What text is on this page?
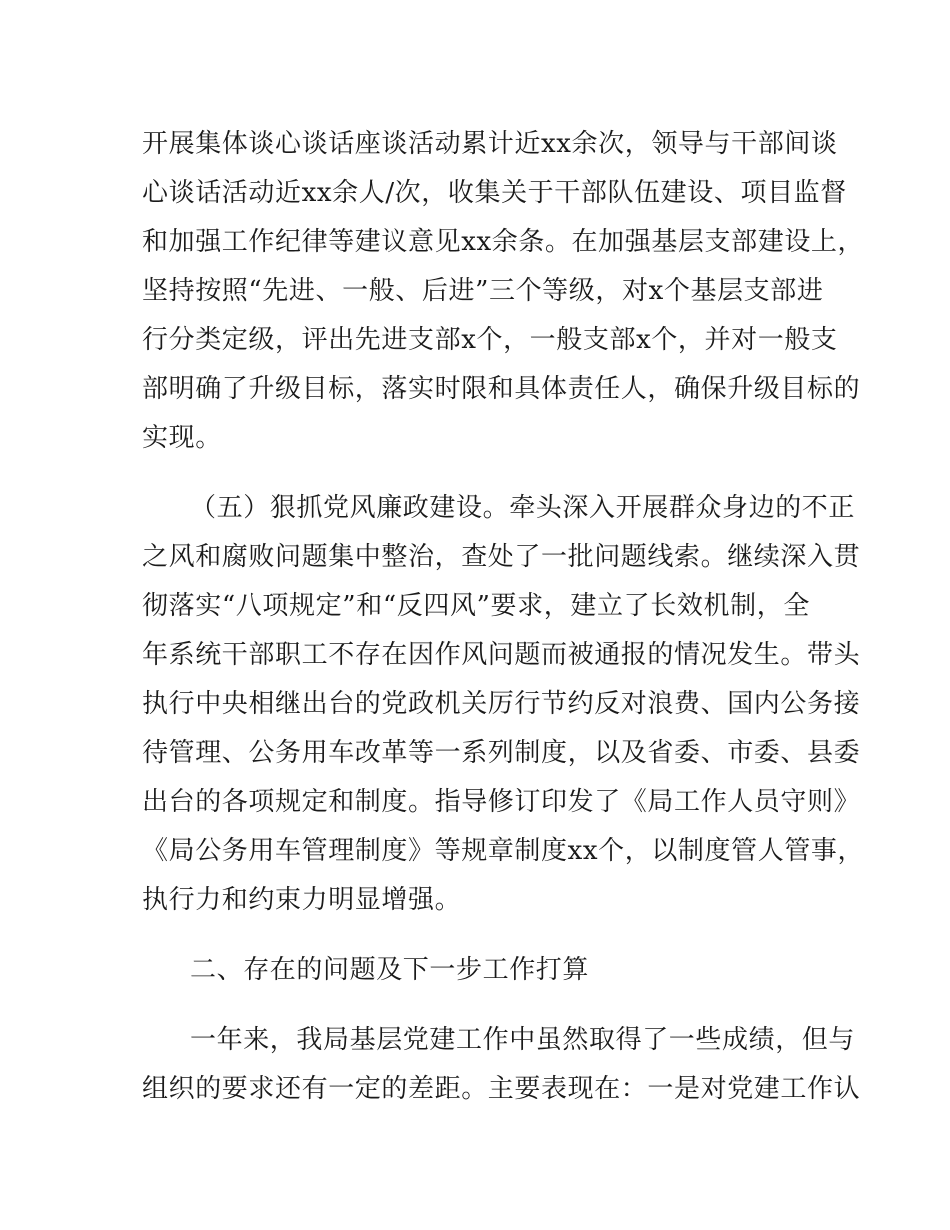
开展集体谈心谈话座谈活动累计近xx余次，领导与干部间谈
心谈话活动近xx余人/次，收集关于干部队伍建设、项目监督
和加强工作纪律等建议意见xx余条。在加强基层支部建设上，
坚持按照“先进、一般、后进”三个等级，对x个基层支部进
行分类定级，评出先进支部x个，一般支部x个，并对一般支
部明确了升级目标，落实时限和具体责任人，确保升级目标的
实现。
（五）狠抓党风廉政建设。牵头深入开展群众身边的不正
之风和腐败问题集中整治，查处了一批问题线索。继续深入贯
彻落实“八项规定”和“反四风”要求，建立了长效机制，全
年系统干部职工不存在因作风问题而被通报的情况发生。带头
执行中央相继出台的党政机关厉行节约反对浪费、国内公务接
待管理、公务用车改革等一系列制度，以及省委、市委、县委
出台的各项规定和制度。指导修订印发了《局工作人员守则》
《局公务用车管理制度》等规章制度xx个，以制度管人管事，
执行力和约束力明显增强。
二、存在的问题及下一步工作打算
一年来，我局基层党建工作中虽然取得了一些成绩，但与
组织的要求还有一定的差距。主要表现在：一是对党建工作认
